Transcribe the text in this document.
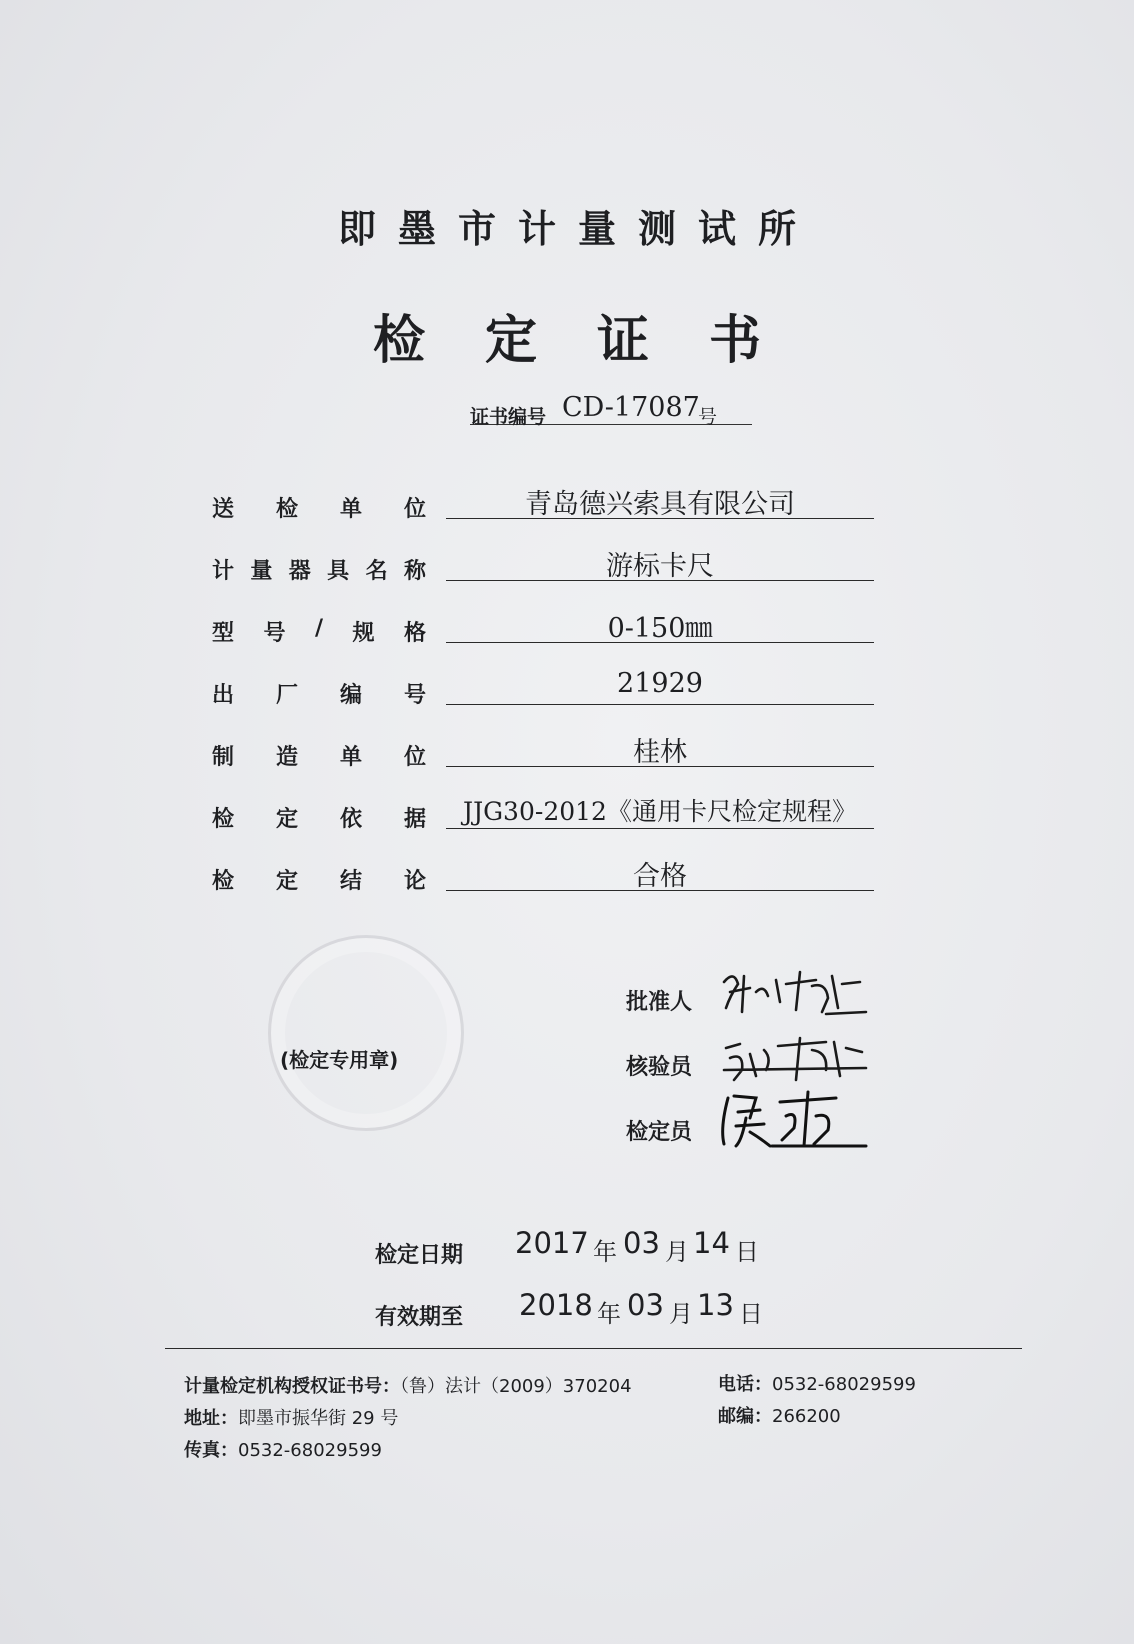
即墨市计量测试所
检定证书
证书编号 CD-17087
号
送 检 单 位	青岛德兴索具有限公司
计 量 器 具 名 称	游标卡尺
型 号 / 规 格	0-150㎜
出 厂 编 号	21929
制 造 单 位	桂林
检 定 依 据	JJG30-2012《通用卡尺检定规程》
检 定 结 论	合格
(检定专用章)
批准人
核验员
检定员
检定日期 2017 年 03 月 14 日
有效期至 2018 年 03 月 13 日
计量检定机构授权证书号：（鲁）法计（2009）370204	电话：0532-68029599
地址：即墨市振华街 29 号	邮编：266200
传真：0532-68029599
